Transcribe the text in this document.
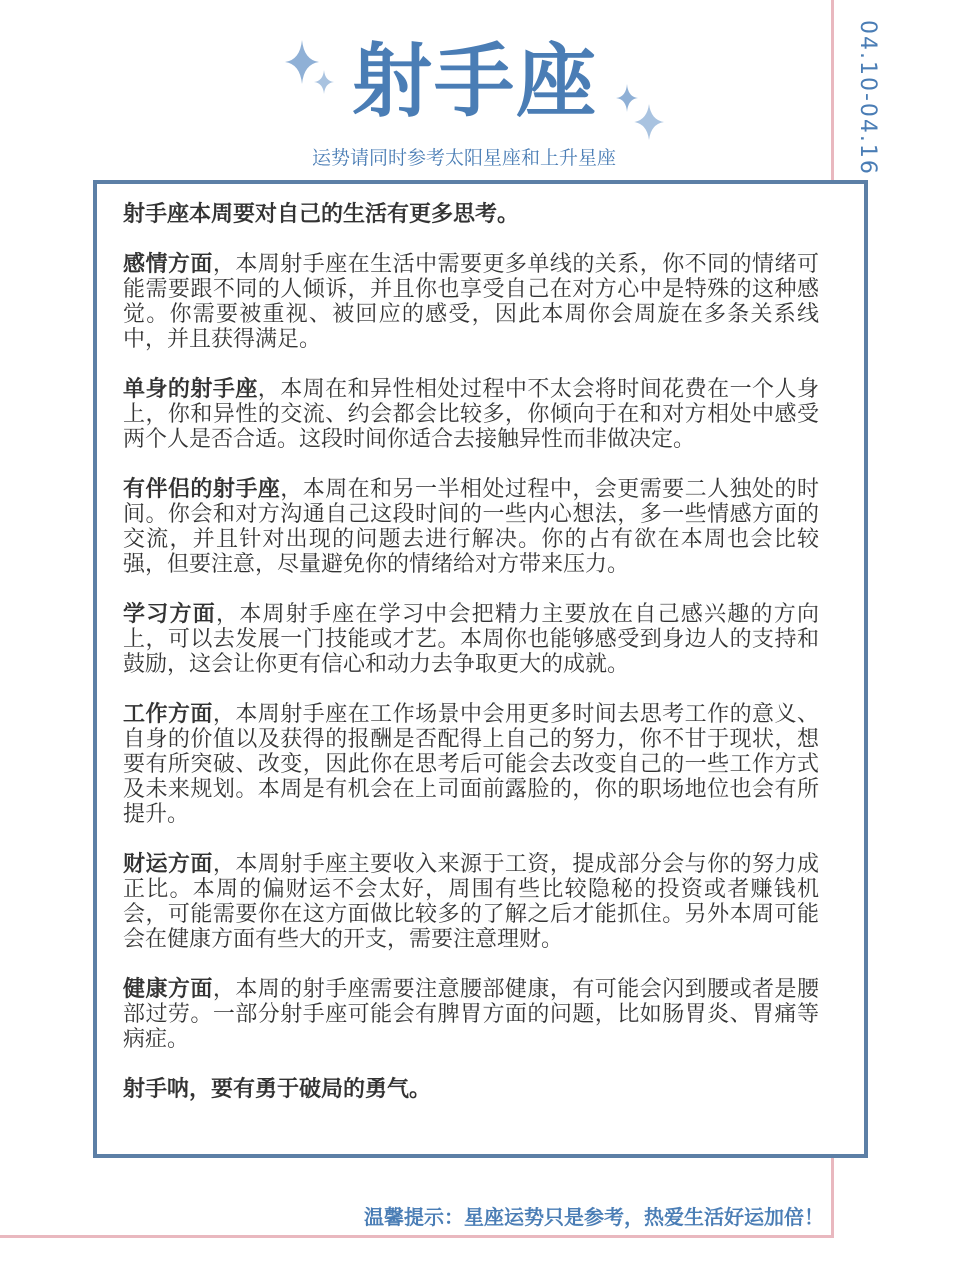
射手座
运势请同时参考太阳星座和上升星座	04.10-04.16

射手座本周要对自己的生活有更多思考。

感情方面，本周射手座在生活中需要更多单线的关系，你不同的情绪可能需要跟不同的人倾诉，并且你也享受自己在对方心中是特殊的这种感觉。你需要被重视、被回应的感受，因此本周你会周旋在多条关系线中，并且获得满足。

单身的射手座，本周在和异性相处过程中不太会将时间花费在一个人身上，你和异性的交流、约会都会比较多，你倾向于在和对方相处中感受两个人是否合适。这段时间你适合去接触异性而非做决定。

有伴侣的射手座，本周在和另一半相处过程中，会更需要二人独处的时间。你会和对方沟通自己这段时间的一些内心想法，多一些情感方面的交流，并且针对出现的问题去进行解决。你的占有欲在本周也会比较强，但要注意，尽量避免你的情绪给对方带来压力。

学习方面，本周射手座在学习中会把精力主要放在自己感兴趣的方向上，可以去发展一门技能或才艺。本周你也能够感受到身边人的支持和鼓励，这会让你更有信心和动力去争取更大的成就。

工作方面，本周射手座在工作场景中会用更多时间去思考工作的意义、自身的价值以及获得的报酬是否配得上自己的努力，你不甘于现状，想要有所突破、改变，因此你在思考后可能会去改变自己的一些工作方式及未来规划。本周是有机会在上司面前露脸的，你的职场地位也会有所提升。

财运方面，本周射手座主要收入来源于工资，提成部分会与你的努力成正比。本周的偏财运不会太好，周围有些比较隐秘的投资或者赚钱机会，可能需要你在这方面做比较多的了解之后才能抓住。另外本周可能会在健康方面有些大的开支，需要注意理财。

健康方面，本周的射手座需要注意腰部健康，有可能会闪到腰或者是腰部过劳。一部分射手座可能会有脾胃方面的问题，比如肠胃炎、胃痛等病症。

射手呐，要有勇于破局的勇气。

温馨提示：星座运势只是参考，热爱生活好运加倍！
